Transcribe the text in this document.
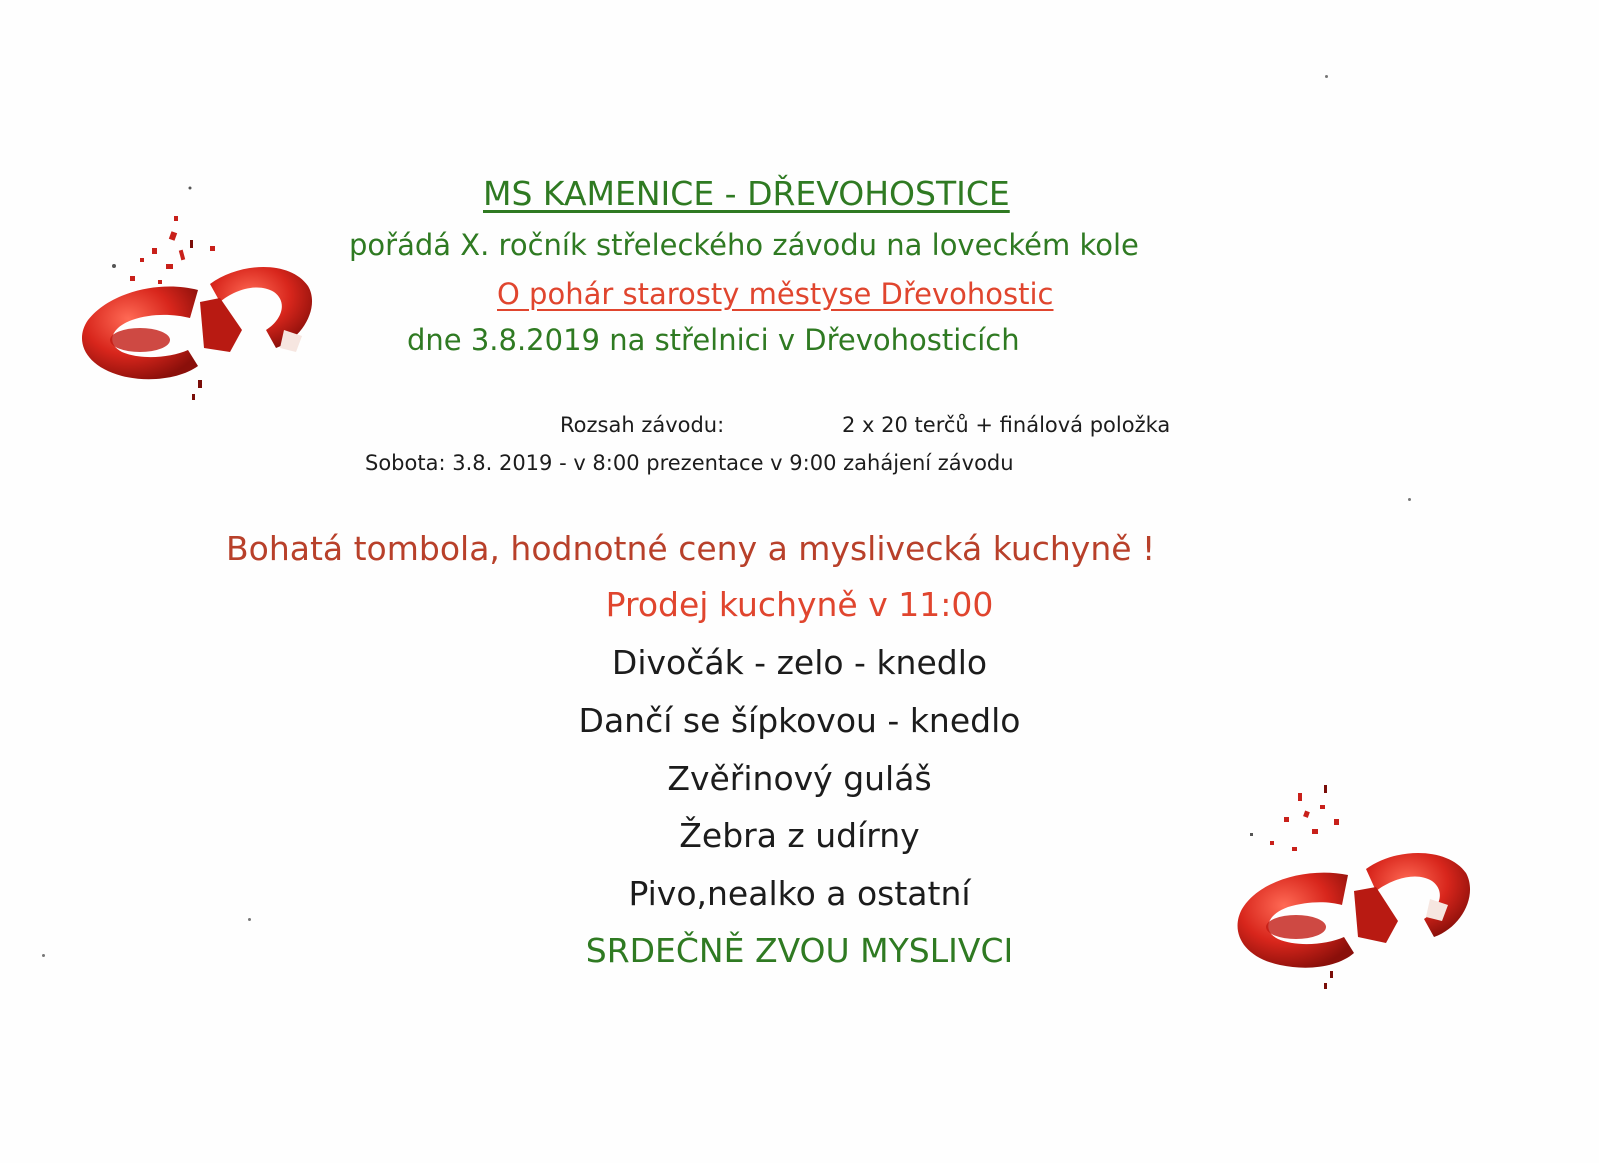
MS KAMENICE - DŘEVOHOSTICE
pořádá X. ročník střeleckého závodu na loveckém kole
O pohár starosty městyse Dřevohostic
dne 3.8.2019 na střelnici v Dřevohosticích
Rozsah závodu:	2 x 20 terčů + finálová položka
Sobota: 3.8. 2019 - v 8:00 prezentace v 9:00 zahájení závodu
Bohatá tombola, hodnotné ceny a myslivecká kuchyně !
Prodej kuchyně v 11:00
Divočák - zelo - knedlo
Dančí se šípkovou - knedlo
Zvěřinový guláš
Žebra z udírny
Pivo,nealko a ostatní
SRDEČNĚ ZVOU MYSLIVCI
